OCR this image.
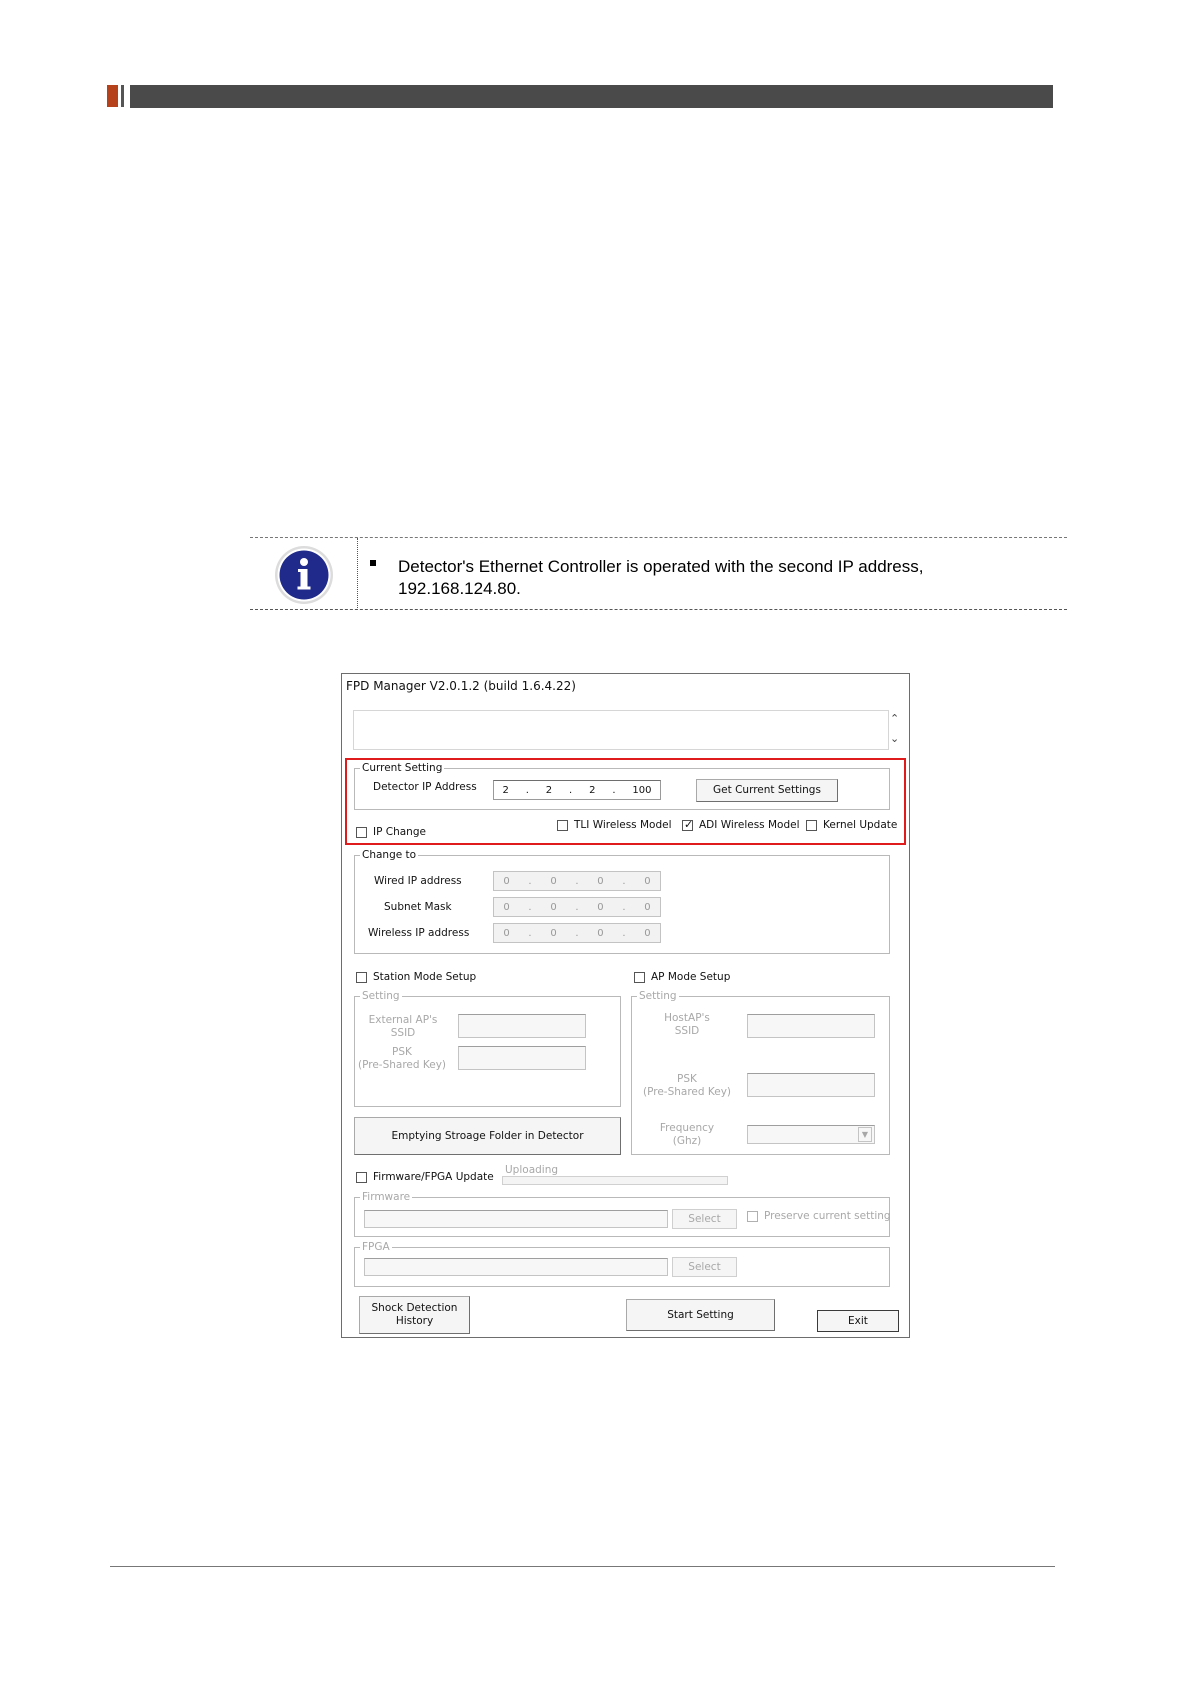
Detector's Ethernet Controller is operated with the second IP address, 192.168.124.80.
FPD Manager V2.0.1.2 (build 1.6.4.22)
⌃
⌄
Current Setting
Detector IP Address	2 . 2 . 2 . 100	Get Current Settings
IP Change
TLI Wireless Model ✓ ADI Wireless Model Kernel Update
Change to
Wired IP address	0 . 0 . 0 . 0
Subnet Mask	0 . 0 . 0 . 0
Wireless IP address	0 . 0 . 0 . 0
Station Mode Setup
Setting
External AP's
SSID
PSK
(Pre-Shared Key)
Emptying Stroage Folder in Detector
AP Mode Setup
Setting
HostAP's
SSID
PSK
(Pre-Shared Key)
Frequency
(Ghz)
▼
Firmware/FPGA Update
Uploading
Firmware
Select	Preserve current setting
FPGA
Select
Shock Detection
History
Start Setting	Exit
